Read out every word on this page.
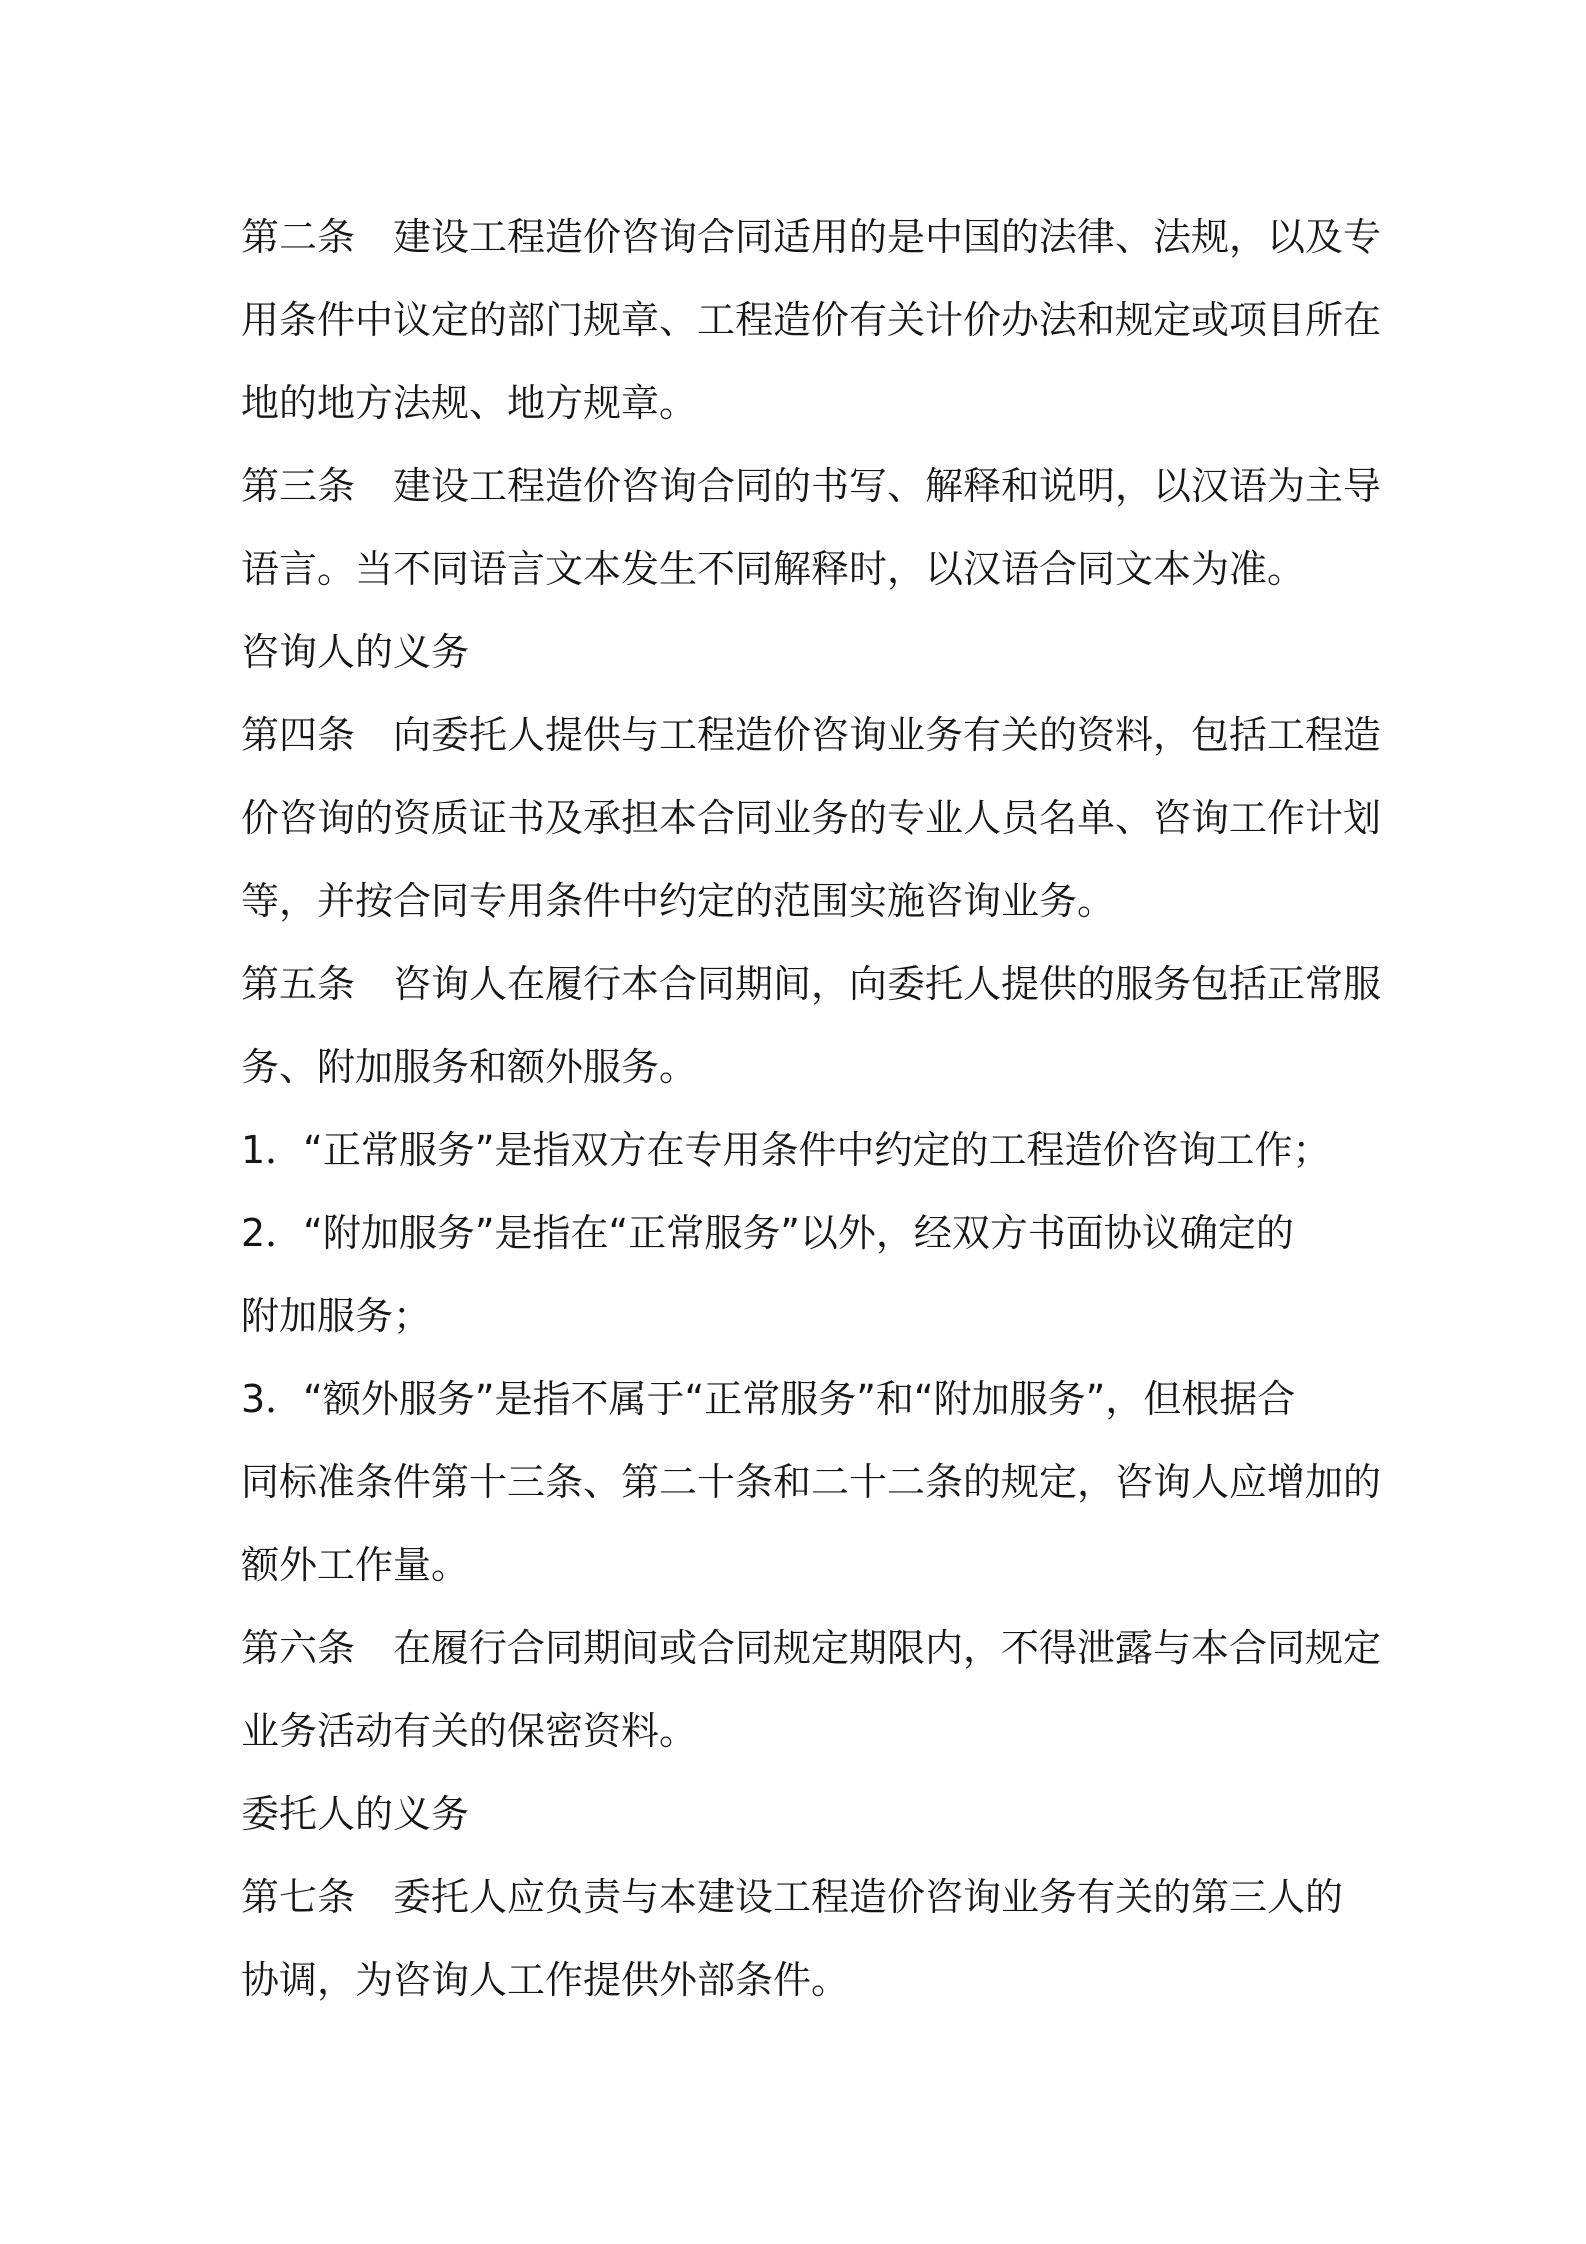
第二条　建设工程造价咨询合同适用的是中国的法律、法规，以及专

用条件中议定的部门规章、工程造价有关计价办法和规定或项目所在

地的地方法规、地方规章。

第三条　建设工程造价咨询合同的书写、解释和说明，以汉语为主导

语言。当不同语言文本发生不同解释时，以汉语合同文本为准。

咨询人的义务

第四条　向委托人提供与工程造价咨询业务有关的资料，包括工程造

价咨询的资质证书及承担本合同业务的专业人员名单、咨询工作计划

等，并按合同专用条件中约定的范围实施咨询业务。

第五条　咨询人在履行本合同期间，向委托人提供的服务包括正常服

务、附加服务和额外服务。

1．“正常服务”是指双方在专用条件中约定的工程造价咨询工作；

2．“附加服务”是指在“正常服务”以外，经双方书面协议确定的

附加服务；

3．“额外服务”是指不属于“正常服务”和“附加服务”，但根据合

同标准条件第十三条、第二十条和二十二条的规定，咨询人应增加的

额外工作量。

第六条　在履行合同期间或合同规定期限内，不得泄露与本合同规定

业务活动有关的保密资料。

委托人的义务

第七条　委托人应负责与本建设工程造价咨询业务有关的第三人的

协调，为咨询人工作提供外部条件。
